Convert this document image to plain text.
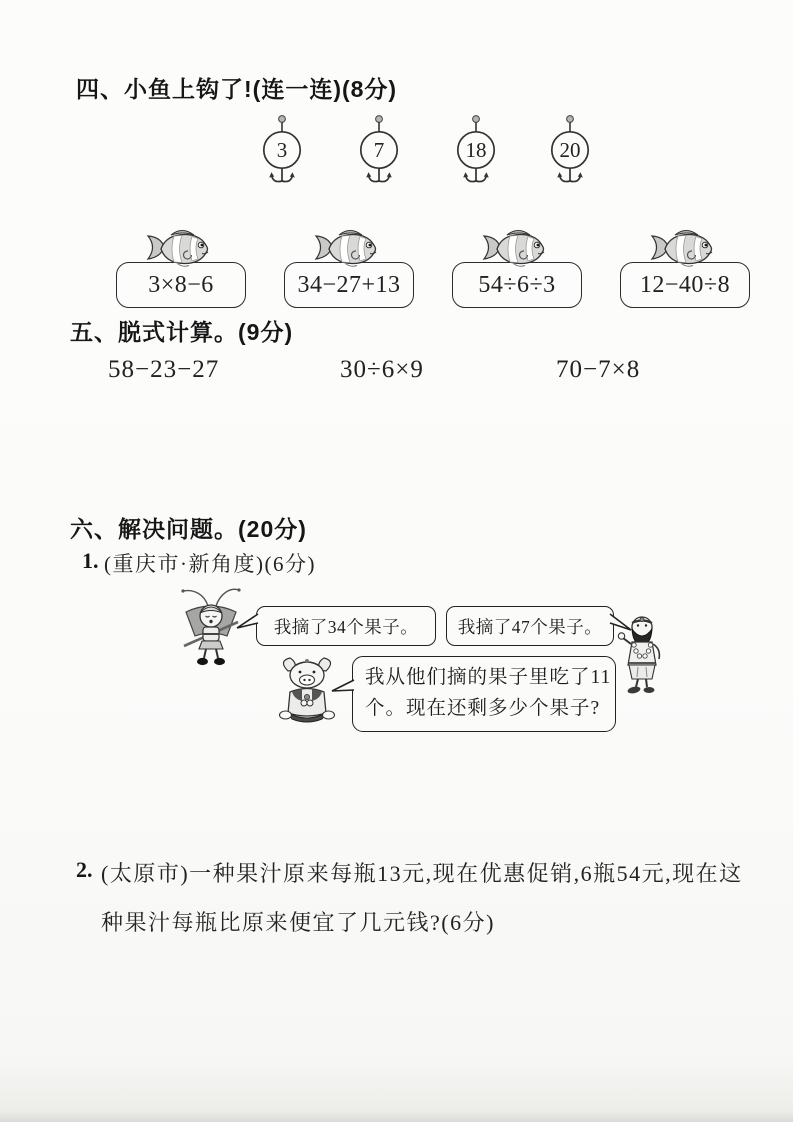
四、小鱼上钩了!(连一连)(8分)
3	7	18	20
3×8−6	34−27+13	54÷6÷3	12−40÷8
五、脱式计算。(9分)
58−23−27	30÷6×9	70−7×8
六、解决问题。(20分)
1. (重庆市·新角度)(6分)
我摘了34个果子。 我摘了47个果子。
我从他们摘的果子里吃了11
个。现在还剩多少个果子?
2. (太原市)一种果汁原来每瓶13元,现在优惠促销,6瓶54元,现在这
种果汁每瓶比原来便宜了几元钱?(6分)
